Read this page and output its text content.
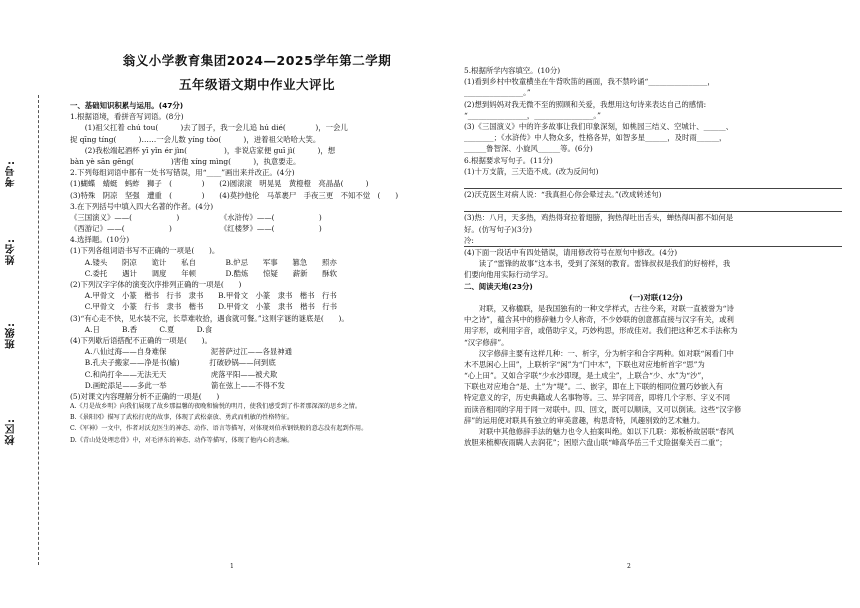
考号:
姓名:
班级:
校区:
翁义小学教育集团2024—2025学年第二学期
五年级语文期中作业大评比
一、基础知识积累与运用。(47分)
1.根据语境，看拼音写词语。(8分)
　　(1)祖父扛着 chú tou(　　　)去了园子，我一会儿追 hú dié(　　　　)，一会儿
捉 qīng tíng(　　　)……一会儿数 yíng tòo(　　　)，迸着祖父哈哈大笑。
　　(2)我松端起酒杯 yī yǐn ér jìn(　　　　　)，非说店家便 guī jì(　　　)，想
bàn yè sān gēng(　　　　　)害他 xíng mìng(　　　)，执意要走。
2.下列每组词语中都有一处书写错误，用“____”画出来并改正。(4分)
(1)蝴蝶　蜻蜓　蚂蚱　狮子　(　　　　)　　(2)圆滚滚　明晃晃　黄橙橙　亮晶晶(　　　)
(3)特殊　阴凉　坚强　遭重　(　　　　)　　(4)莫抄他伦　马革裹尸　手夜三更　不知不觉　(　　)
3.在下列括号中填入四大名著的作者。(4分)
《三国演义》——(　　　　　　)　　　　　　《水浒传》——(　　　　　　)
《西游记》——(　　　　　　)　　　　　　　《红楼梦》——(　　　　　　)
4.选择题。(10分)
(1)下列各组词语书写不正确的一项是(　　)。
　　A.镂头　　阴凉　　诡计　　私自　　　　B.炉忌　　军事　　篡急　　照亦
　　C.委托　　遇计　　调度　　年顿　　　　D.酷炼　　惊疑　　薪新　　酥软
(2)下列汉字字体的演变次序排列正确的一项是(　　)
　　A.甲骨文　小篆　楷书　行书　隶书　　B.甲骨文　小篆　隶书　楷书　行书
　　C.甲骨文　小篆　行书　隶书　楷书　　D.甲骨文　小篆　隶书　楷书　行书
(3)“有心走不快，见水装不完，长草难收拾，遇食就可餐。”这则字谜的谜底是(　　)。
　　A.日　　　B.香　　　C.夏　　　D.食
(4)下列歇后语搭配不正确的一项是(　　)。
　　A.八仙过海——自身难保　　　　　　泥菩萨过江——各显神通
　　B.孔夫子搬家——净是书(输)　　　　打破砂锅——问到底
　　C.和尚打伞——无法无天　　　　　　虎落平阳——被犬欺
　　D.画蛇添足——多此一举　　　　　　箭在弦上——不得不发
(5)对课文内容理解分析不正确的一项是(　　)
A.《月是故乡明》向我们展现了故乡那温馨的夜晚和愉悦的明月，使我们感受到了作者那深深的思乡之情。
B.《景阳冈》描写了武松打虎的故事，体现了武松豪放、勇武而机敏的性格特征。
C.《军神》一文中，作者对沃克医生的神态、动作、语言等描写，对体现刘伯承钢铁般的意志没有起到作用。
D.《青山处处埋忠骨》中，对毛泽东的神态、动作等描写，体现了他内心的悲痛。
1
5.根据所学内容填空。(10分)
(1)看到乡村中牧童横坐在牛背吹笛的画面，我不禁吟诵“________________，
________________。”
(2)想到妈妈对我无微不至的照顾和关爱，我想用这句诗来表达自己的感情:
“________________，________________。”
(3)《三国演义》中的许多故事让我们印象深刻，如桃园三结义、空城计、______、
________；《水浒传》中人物众多，性格各异，如智多星______，及时雨______，
______鲁智深、小旋风______等。(6分)
6.根据要求写句子。(11分)
(1)十万支箭，三天造不成。(改为反问句)
(2)沃克医生对病人说：“我真担心你会晕过去。”(改成转述句)
(3)热：八月，天多热，鸡热得耷拉着翅膀，狗热得吐出舌头，蝉热得叫都不如何是
好。(仿写句子)(3分)
冷:
(4)下面一段话中有四处错误，请用修改符号在原句中修改。(4分)
　　读了“雷锋的故事”这本书，受到了深刻的教育。雷锋叔叔是我们的好榜样，我
们要向他用实际行动学习。
二、阅读天地(23分)
(一)对联(12分)
　　对联，又称楹联，是我国独有的一种文学样式，古往今来，对联一直被誉为“诗
中之诗”，蕴含其中的修辞魅力令人称奇，不少妙联的创意都直接与汉字有关，或利
用字形，或利用字音，或借助字义，巧妙构思，形成佳对。我们把这种艺术手法称为
“汉字修辞”。
　　汉字修辞主要有这样几种：一、析字，分为析字和合字两种。如对联“闲看门中
木不思闲心上田”，上联析字“闲”为“门中木”，下联也对应地析首字“思”为
“心上田”。又如合字联“少水沙即现，是土成尘”，上联合“少、水”为“沙”，
下联也对应地合“是、土”为“堤”。二、嵌字，即在上下联的相同位置巧妙嵌入有
特定意义的字，历史典籍或人名事物等。三、异字同音，即将几个字形、字义不同
而读音相同的字用于同一对联中。四、回文，既可以顺读，又可以倒读。这些“汉字修
辞”的运用使对联具有独立的审美意趣，构思奇特，风趣别致的艺术魅力。
　　对联中其他修辞手法的魅力也令人拍案叫绝。如以下几联：郑板桥故居联“春风
放胆来梳柳夜雨瞒人去润花”；困原六盘山联“峰高华岳三千丈险据秦关百二重”；
2
